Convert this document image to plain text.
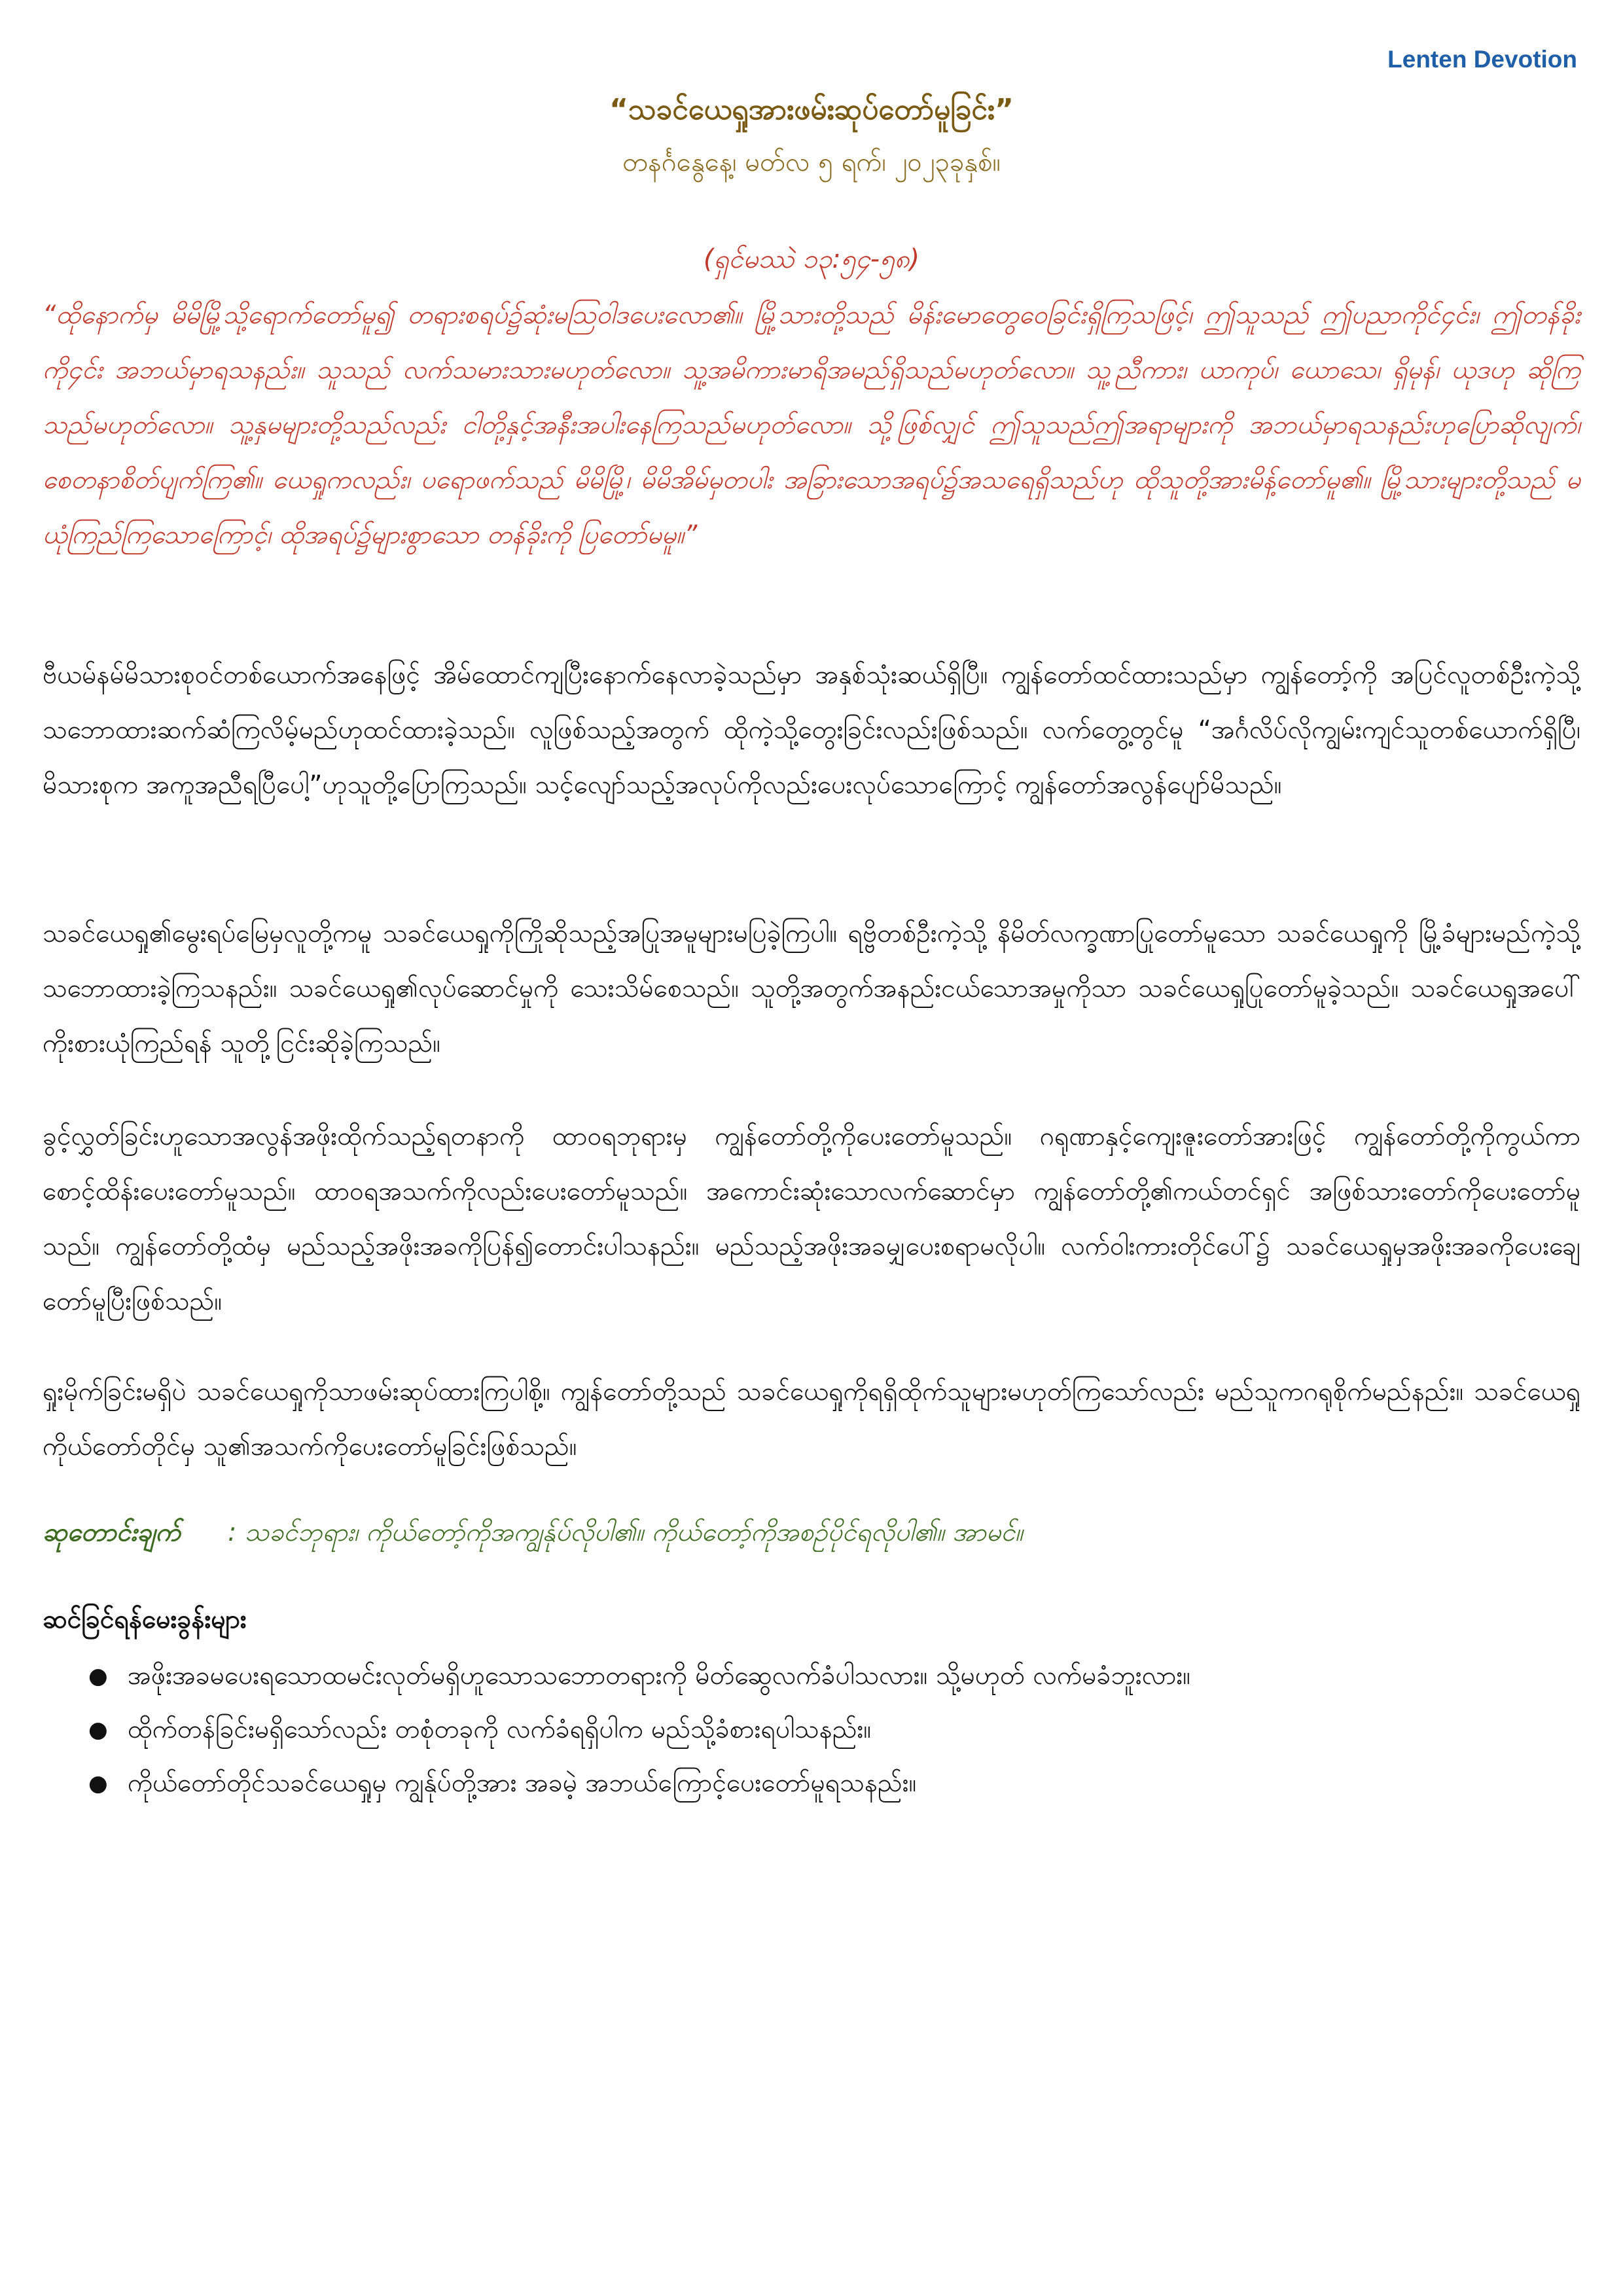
Lenten Devotion
“သခင်ယေရှုအားဖမ်းဆုပ်တော်မူခြင်း”
တနင်္ဂနွေနေ့၊ မတ်လ ၅ ရက်၊ ၂၀၂၃ခုနှစ်။
(ရှင်မဿဲ ၁၃:၅၄-၅၈)

“ထိုနောက်မှ မိမိမြို့သို့ရောက်တော်မူ၍ တရားစရပ်၌ဆုံးမဩဝါဒပေးလော၏။ မြို့သားတို့သည် မိန်းမောတွေဝေခြင်းရှိကြသဖြင့်၊ ဤသူသည် ဤပညာကိုင်၄င်း၊ ဤတန်ခိုးကို၄င်း အဘယ်မှာရသနည်း။ သူသည် လက်သမားသားမဟုတ်လော။ သူ့အမိကားမာရိအမည်ရှိသည်မဟုတ်လော။ သူ့ညီကား၊ ယာကုပ်၊ ယောသေ၊ ရှိမုန်၊ ယုဒဟု ဆိုကြသည်မဟုတ်လော။ သူ့နှမများတို့သည်လည်း ငါတို့နှင့်အနီးအပါးနေကြသည်မဟုတ်လော။ သို့ဖြစ်လျှင် ဤသူသည်ဤအရာများကို အဘယ်မှာရသနည်းဟုပြောဆိုလျက်၊ စေတနာစိတ်ပျက်ကြ၏။ ယေရှုကလည်း၊ ပရောဖက်သည် မိမိမြို့၊ မိမိအိမ်မှတပါး အခြားသောအရပ်၌အသရေရှိသည်ဟု ထိုသူတို့အားမိန့်တော်မူ၏။ မြို့သားများတို့သည် မယုံကြည်ကြသောကြောင့်၊ ထိုအရပ်၌များစွာသော တန်ခိုးကို ပြတော်မမူ။”

ဗီယမ်နမ်မိသားစုဝင်တစ်ယောက်အနေဖြင့် အိမ်ထောင်ကျပြီးနောက်နေလာခဲ့သည်မှာ အနှစ်သုံးဆယ်ရှိပြီ။ ကျွန်တော်ထင်ထားသည်မှာ ကျွန်တော့်ကို အပြင်လူတစ်ဦးကဲ့သို့ သဘောထားဆက်ဆံကြလိမ့်မည်ဟုထင်ထားခဲ့သည်။ လူဖြစ်သည့်အတွက် ထိုကဲ့သို့တွေးခြင်းလည်းဖြစ်သည်။ လက်တွေ့တွင်မူ “အင်္ဂလိပ်လိုကျွမ်းကျင်သူတစ်ယောက်ရှိပြီ၊ မိသားစုက အကူအညီရပြီပေါ့”ဟုသူတို့ပြောကြသည်။ သင့်လျော်သည့်အလုပ်ကိုလည်းပေးလုပ်သောကြောင့် ကျွန်တော်အလွန်ပျော်မိသည်။

သခင်ယေရှု၏မွေးရပ်မြေမှလူတို့ကမူ သခင်ယေရှုကိုကြိုဆိုသည့်အပြုအမူများမပြခဲ့ကြပါ။ ရဗ္ဗိတစ်ဦးကဲ့သို့ နိမိတ်လက္ခဏာပြုတော်မူသော သခင်ယေရှုကို မြို့ခံများမည်ကဲ့သို့သဘောထားခဲ့ကြသနည်း။ သခင်ယေရှု၏လုပ်ဆောင်မှုကို သေးသိမ်စေသည်။ သူတို့အတွက်အနည်းငယ်သောအမှုကိုသာ သခင်ယေရှုပြုတော်မူခဲ့သည်။ သခင်ယေရှုအပေါ် ကိုးစားယုံကြည်ရန် သူတို့ငြင်းဆိုခဲ့ကြသည်။

ခွင့်လွှတ်ခြင်းဟူသောအလွန်အဖိုးထိုက်သည့်ရတနာကို ထာဝရဘုရားမှ ကျွန်တော်တို့ကိုပေးတော်မူသည်။ ဂရုဏာနှင့်ကျေးဇူးတော်အားဖြင့် ကျွန်တော်တို့ကိုကွယ်ကာစောင့်ထိန်းပေးတော်မူသည်။ ထာဝရအသက်ကိုလည်းပေးတော်မူသည်။ အကောင်းဆုံးသောလက်ဆောင်မှာ ကျွန်တော်တို့၏ကယ်တင်ရှင် အဖြစ်သားတော်ကိုပေးတော်မူသည်။ ကျွန်တော်တို့ထံမှ မည်သည့်အဖိုးအခကိုပြန်၍တောင်းပါသနည်း။ မည်သည့်အဖိုးအခမျှပေးစရာမလိုပါ။ လက်ဝါးကားတိုင်ပေါ်၌ သခင်ယေရှုမှအဖိုးအခကိုပေးချေတော်မူပြီးဖြစ်သည်။

ရှုးမိုက်ခြင်းမရှိပဲ သခင်ယေရှုကိုသာဖမ်းဆုပ်ထားကြပါစို့။ ကျွန်တော်တို့သည် သခင်ယေရှုကိုရရှိထိုက်သူများမဟုတ်ကြသော်လည်း မည်သူကဂရုစိုက်မည်နည်း။ သခင်ယေရှုကိုယ်တော်တိုင်မှ သူ၏အသက်ကိုပေးတော်မူခြင်းဖြစ်သည်။

ဆုတောင်းချက် : သခင်ဘုရား၊ ကိုယ်တော့်ကိုအကျွန်ုပ်လိုပါ၏။ ကိုယ်တော့်ကိုအစဉ်ပိုင်ရလိုပါ၏။ အာမင်။

ဆင်ခြင်ရန်မေးခွန်းများ
● အဖိုးအခမပေးရသောထမင်းလုတ်မရှိဟူသောသဘောတရားကို မိတ်ဆွေလက်ခံပါသလား။ သို့မဟုတ် လက်မခံဘူးလား။
● ထိုက်တန်ခြင်းမရှိသော်လည်း တစုံတခုကို လက်ခံရရှိပါက မည်သို့ခံစားရပါသနည်း။
● ကိုယ်တော်တိုင်သခင်ယေရှုမှ ကျွန်ုပ်တို့အား အခမဲ့ အဘယ်ကြောင့်ပေးတော်မူရသနည်း။
